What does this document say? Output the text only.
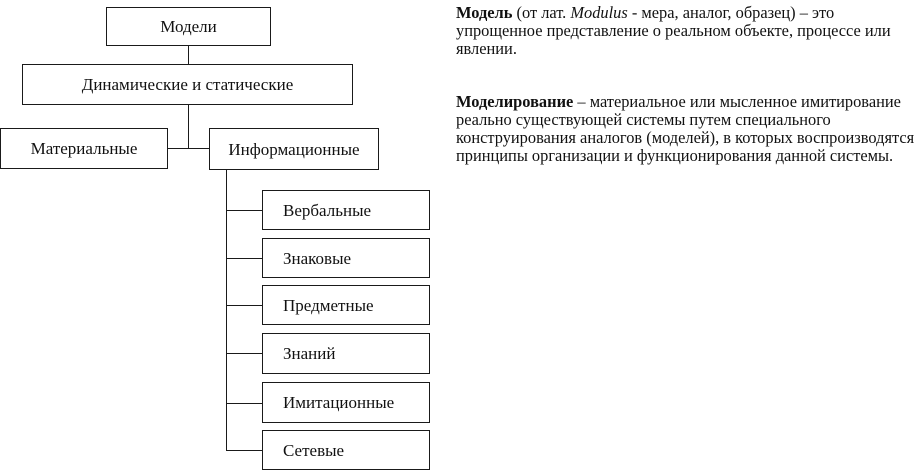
Модели
Динамические и статические
Материальные	Информационные
Вербальные
Знаковые
Предметные
Знаний
Имитационные
Сетевые
Модель (от лат. Modulus - мера, аналог, образец) – это упрощенное представление о реальном объекте, процессе или явлении.
Моделирование – материальное или мысленное имитирование реально существующей системы путем специального конструирования аналогов (моделей), в которых воспроизводятся принципы организации и функционирования данной системы.
